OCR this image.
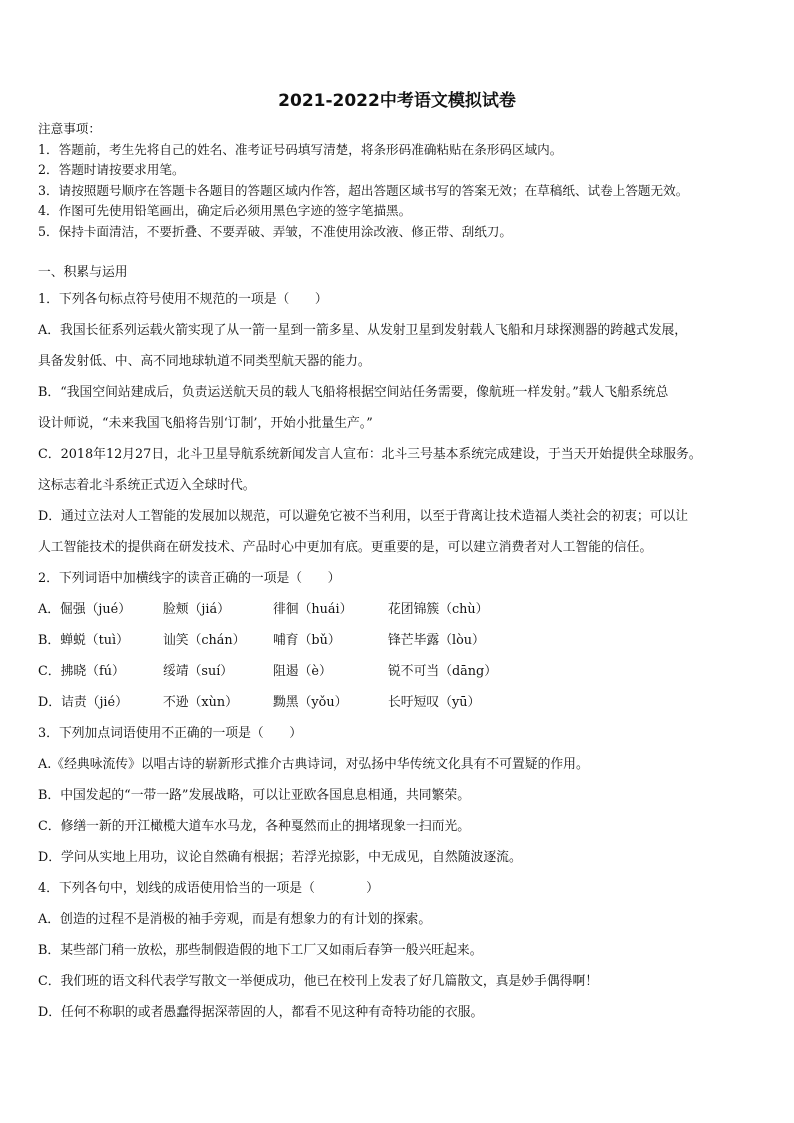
2021-2022中考语文模拟试卷
注意事项：
1．答题前，考生先将自己的姓名、准考证号码填写清楚，将条形码准确粘贴在条形码区域内。
2．答题时请按要求用笔。
3．请按照题号顺序在答题卡各题目的答题区域内作答，超出答题区域书写的答案无效；在草稿纸、试卷上答题无效。
4．作图可先使用铅笔画出，确定后必须用黑色字迹的签字笔描黑。
5．保持卡面清洁，不要折叠、不要弄破、弄皱，不准使用涂改液、修正带、刮纸刀。
一、积累与运用
1．下列各句标点符号使用不规范的一项是（　　）
A．我国长征系列运载火箭实现了从一箭一星到一箭多星、从发射卫星到发射载人飞船和月球探测器的跨越式发展，
具备发射低、中、高不同地球轨道不同类型航天器的能力。
B．“我国空间站建成后，负责运送航天员的载人飞船将根据空间站任务需要，像航班一样发射。”载人飞船系统总
设计师说，“未来我国飞船将告别‘订制’，开始小批量生产。”
C．2018年12月27日，北斗卫星导航系统新闻发言人宣布：北斗三号基本系统完成建设，于当天开始提供全球服务。
这标志着北斗系统正式迈入全球时代。
D．通过立法对人工智能的发展加以规范，可以避免它被不当利用，以至于背离让技术造福人类社会的初衷；可以让
人工智能技术的提供商在研发技术、产品时心中更加有底。更重要的是，可以建立消费者对人工智能的信任。
2．下列词语中加横线字的读音正确的一项是（　　）
A．倔强（jué）	脸颊（jiá）	徘徊（huái）	花团锦簇（chù）
B．蝉蜕（tuì）	讪笑（chán）	哺育（bǔ）	锋芒毕露（lòu）
C．拂晓（fú）	绥靖（suí）	阻遏（è）	锐不可当（dāng）
D．诘责（jié）	不逊（xùn）	黝黑（yǒu）	长吁短叹（yū）
3．下列加点词语使用不正确的一项是（　　）
A.《经典咏流传》以唱古诗的崭新形式推介古典诗词，对弘扬中华传统文化具有不可置疑的作用。
B．中国发起的“一带一路”发展战略，可以让亚欧各国息息相通，共同繁荣。
C．修缮一新的开江橄榄大道车水马龙，各种戛然而止的拥堵现象一扫而光。
D．学问从实地上用功，议论自然确有根据；若浮光掠影，中无成见，自然随波逐流。
4．下列各句中，划线的成语使用恰当的一项是（　　　　）
A．创造的过程不是消极的袖手旁观，而是有想象力的有计划的探索。
B．某些部门稍一放松，那些制假造假的地下工厂又如雨后春笋一般兴旺起来。
C．我们班的语文科代表学写散文一举便成功，他已在校刊上发表了好几篇散文，真是妙手偶得啊！
D．任何不称职的或者愚蠢得据深蒂固的人，都看不见这种有奇特功能的衣服。
